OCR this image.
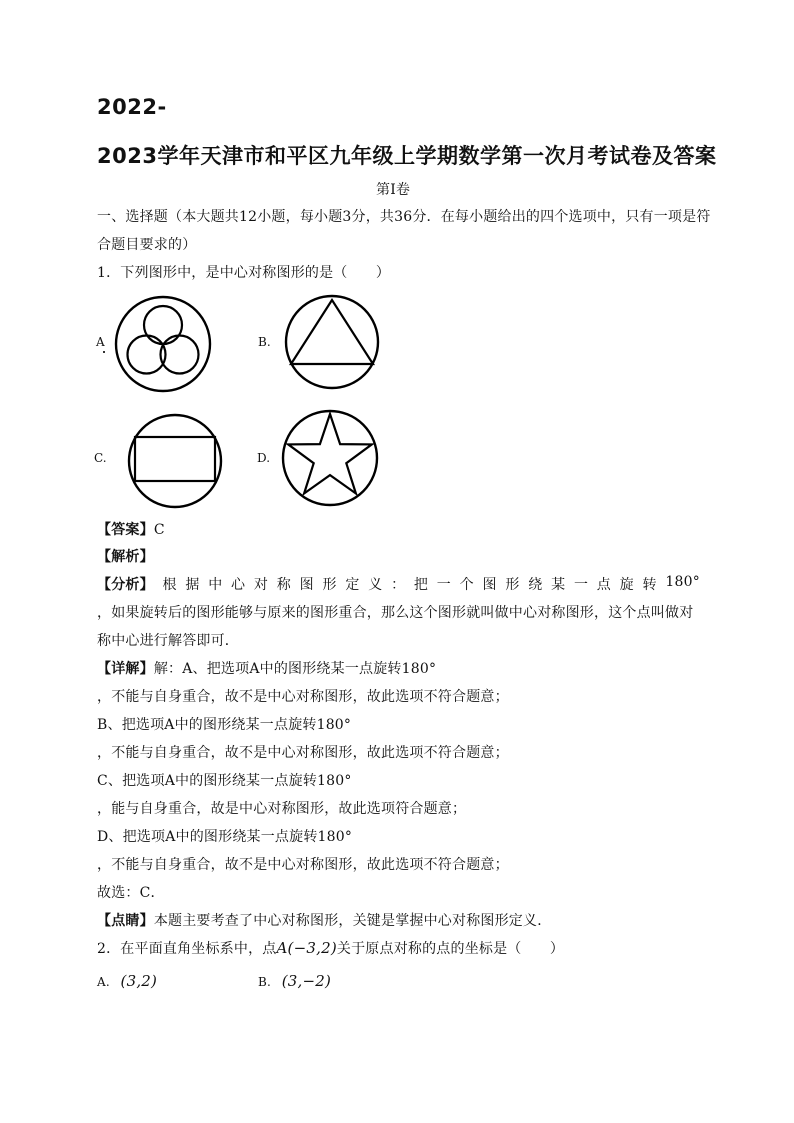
2022-
2023学年天津市和平区九年级上学期数学第一次月考试卷及答案
第Ⅰ卷
一、选择题（本大题共12小题，每小题3分，共36分．在每小题给出的四个选项中，只有一项是符
合题目要求的）
1．下列图形中，是中心对称图形的是（　　）
A	B.
C.	D.
【答案】C
【解析】
【分析】 根 据 中 心 对 称 图 形 定 义 ： 把 一 个 图 形 绕 某 一 点 旋 转 180°
，如果旋转后的图形能够与原来的图形重合，那么这个图形就叫做中心对称图形，这个点叫做对
称中心进行解答即可．
【详解】解：A、把选项A中的图形绕某一点旋转180°
，不能与自身重合，故不是中心对称图形，故此选项不符合题意；
B、把选项A中的图形绕某一点旋转180°
，不能与自身重合，故不是中心对称图形，故此选项不符合题意；
C、把选项A中的图形绕某一点旋转180°
，能与自身重合，故是中心对称图形，故此选项符合题意；
D、把选项A中的图形绕某一点旋转180°
，不能与自身重合，故不是中心对称图形，故此选项不符合题意；
故选：C．
【点睛】本题主要考查了中心对称图形，关键是掌握中心对称图形定义．
2．在平面直角坐标系中，点A(−3,2)关于原点对称的点的坐标是（　　）
A. (3,2)	B. (3,−2)
